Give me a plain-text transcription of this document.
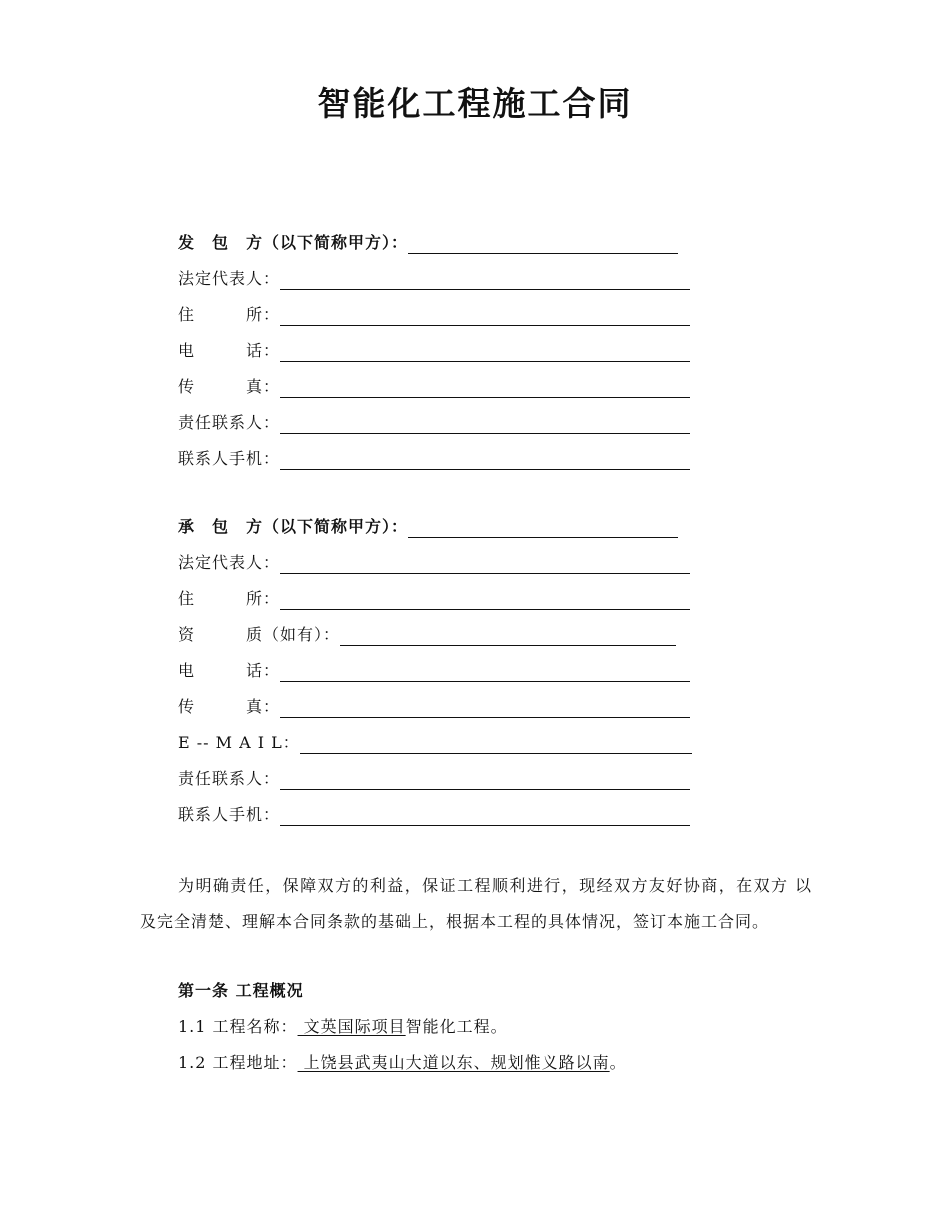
智能化工程施工合同
发　包　方（以下简称甲方）：
法定代表人：
住　　　所：
电　　　话：
传　　　真：
责任联系人：
联系人手机：
承　包　方（以下简称甲方）：
法定代表人：
住　　　所：
资　　　质（如有）：
电　　　话：
传　　　真：
E -- M A I L：
责任联系人：
联系人手机：
为明确责任，保障双方的利益，保证工程顺利进行，现经双方友好协商，在双方 以及完全清楚、理解本合同条款的基础上，根据本工程的具体情况，签订本施工合同。
第一条 工程概况
1.1 工程名称： 文英国际项目智能化工程。
1.2 工程地址： 上饶县武夷山大道以东、规划惟义路以南。
